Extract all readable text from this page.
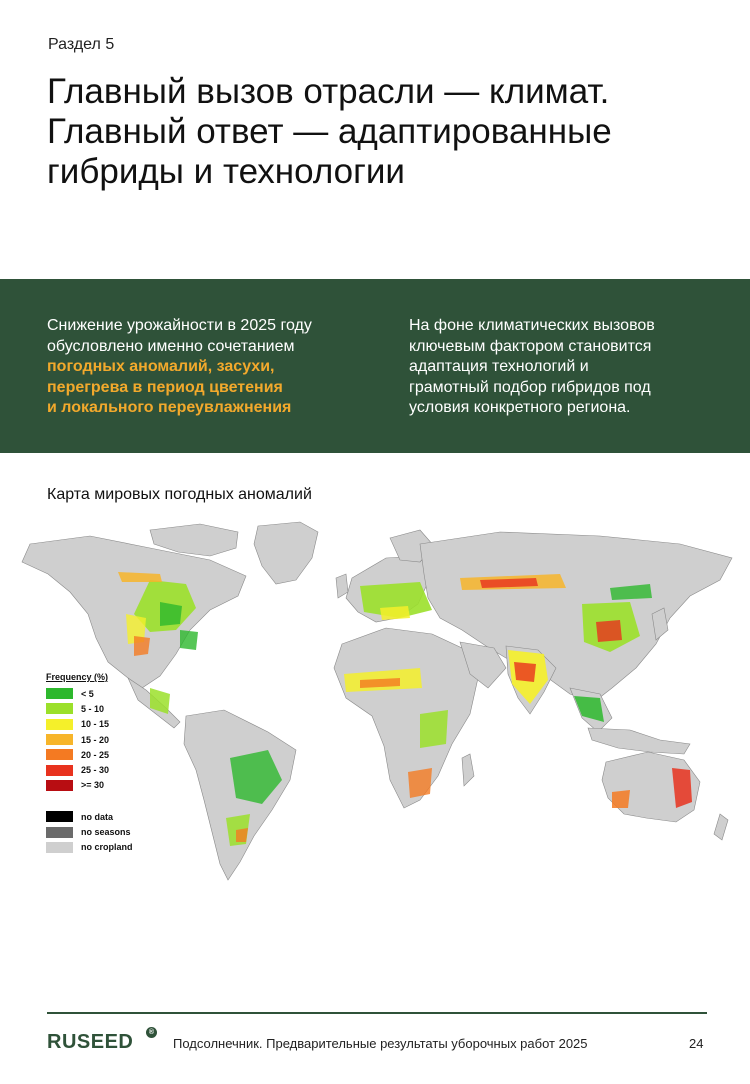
Раздел 5
Главный вызов отрасли — климат.
Главный ответ — адаптированные
гибриды и технологии
Снижение урожайности в 2025 году
обусловлено именно сочетанием
погодных аномалий, засухи,
перегрева в период цветения
и локального переувлажнения
На фоне климатических вызовов
ключевым фактором становится
адаптация технологий и
грамотный подбор гибридов под
условия конкретного региона.
Карта мировых погодных аномалий
Frequency (%)
< 5
5 - 10
10 - 15
15 - 20
20 - 25
25 - 30
>= 30
no data
no seasons
no cropland
RUSEED	®
Подсолнечник. Предварительные результаты уборочных работ 2025	24
